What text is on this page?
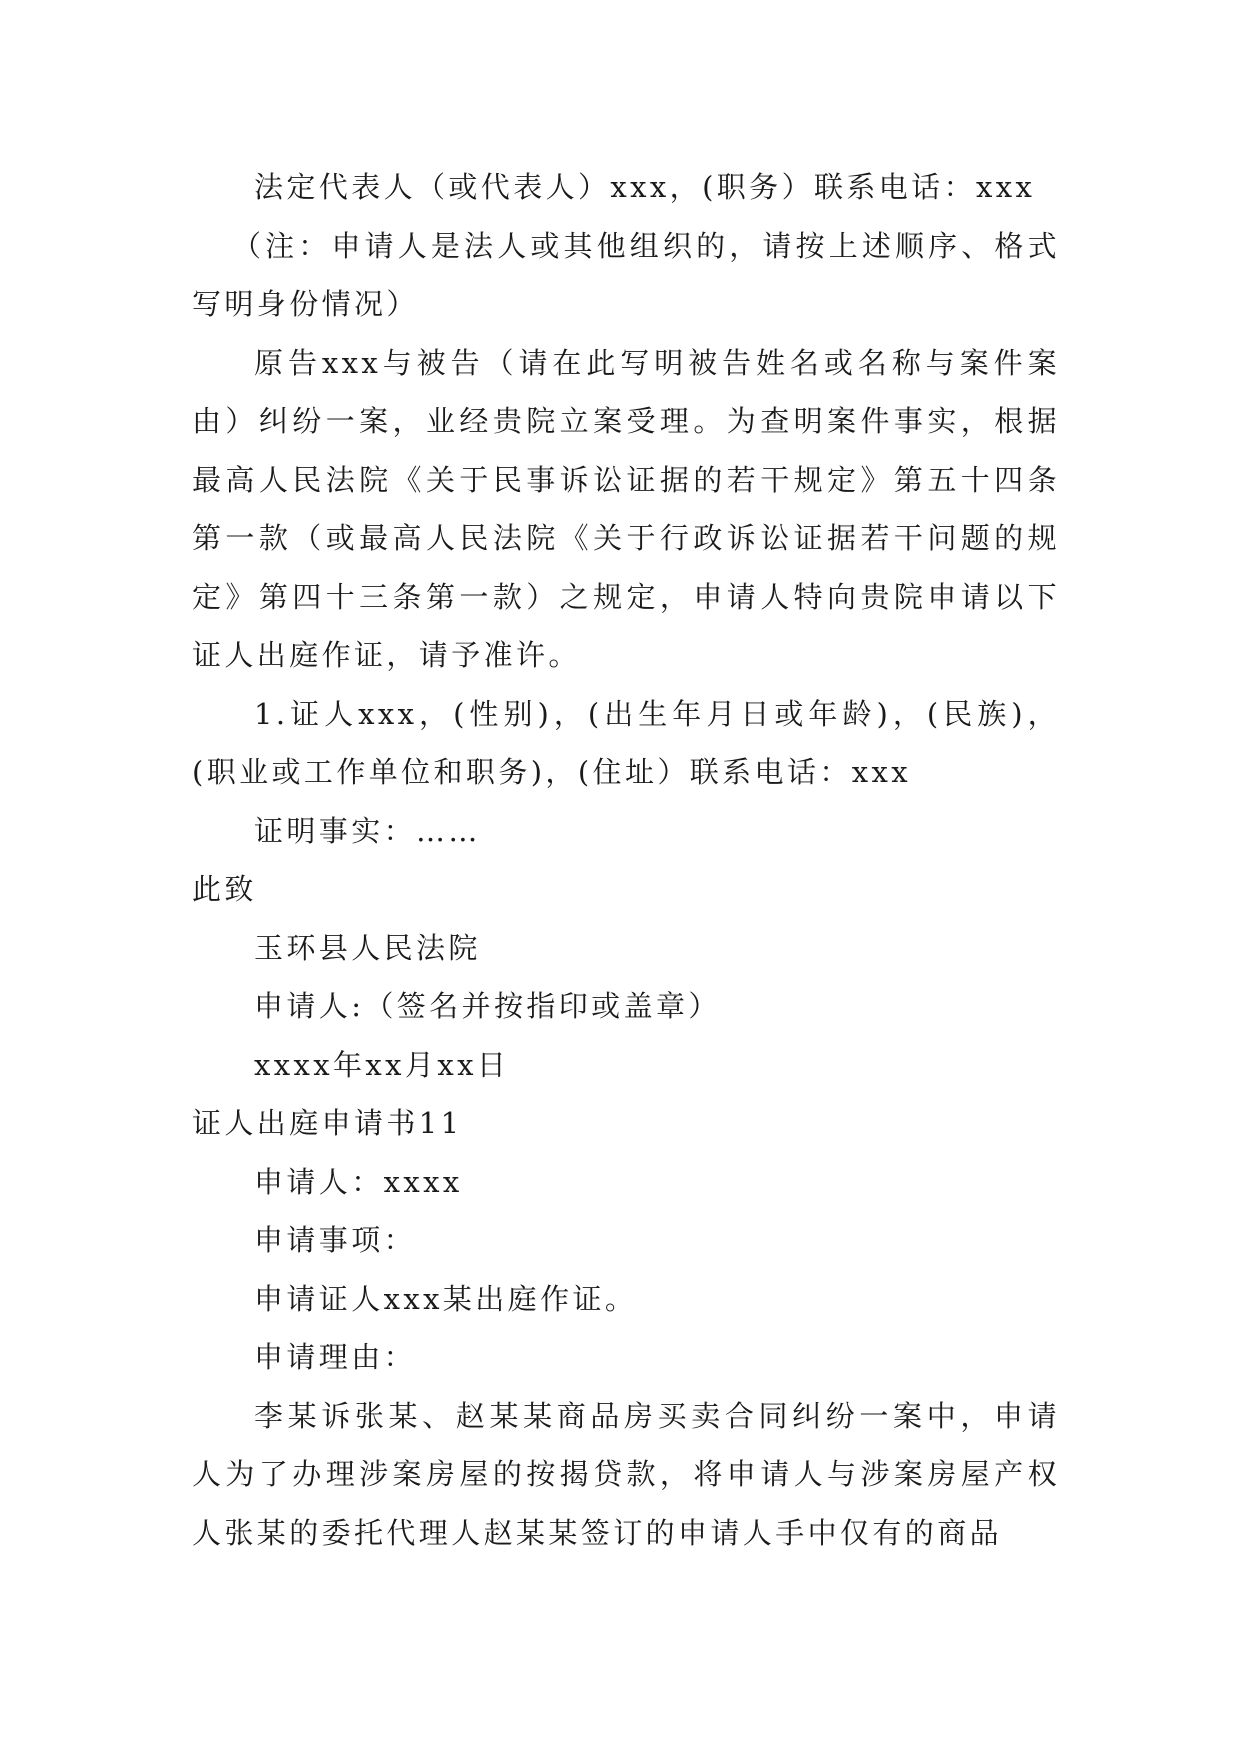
法定代表人（或代表人）xxx，(职务）联系电话：xxx

（注：申请人是法人或其他组织的，请按上述顺序、格式写明身份情况）

原告xxx与被告（请在此写明被告姓名或名称与案件案由）纠纷一案，业经贵院立案受理。为查明案件事实，根据最高人民法院《关于民事诉讼证据的若干规定》第五十四条第一款（或最高人民法院《关于行政诉讼证据若干问题的规定》第四十三条第一款）之规定，申请人特向贵院申请以下证人出庭作证，请予准许。

1.证人xxx，(性别)，(出生年月日或年龄)，(民族)，(职业或工作单位和职务)，(住址）联系电话：xxx

证明事实：……

此致

玉环县人民法院

申请人:（签名并按指印或盖章）

xxxx年xx月xx日

证人出庭申请书11

申请人：xxxx

申请事项：

申请证人xxx某出庭作证。

申请理由：

李某诉张某、赵某某商品房买卖合同纠纷一案中，申请人为了办理涉案房屋的按揭贷款，将申请人与涉案房屋产权人张某的委托代理人赵某某签订的申请人手中仅有的商品
